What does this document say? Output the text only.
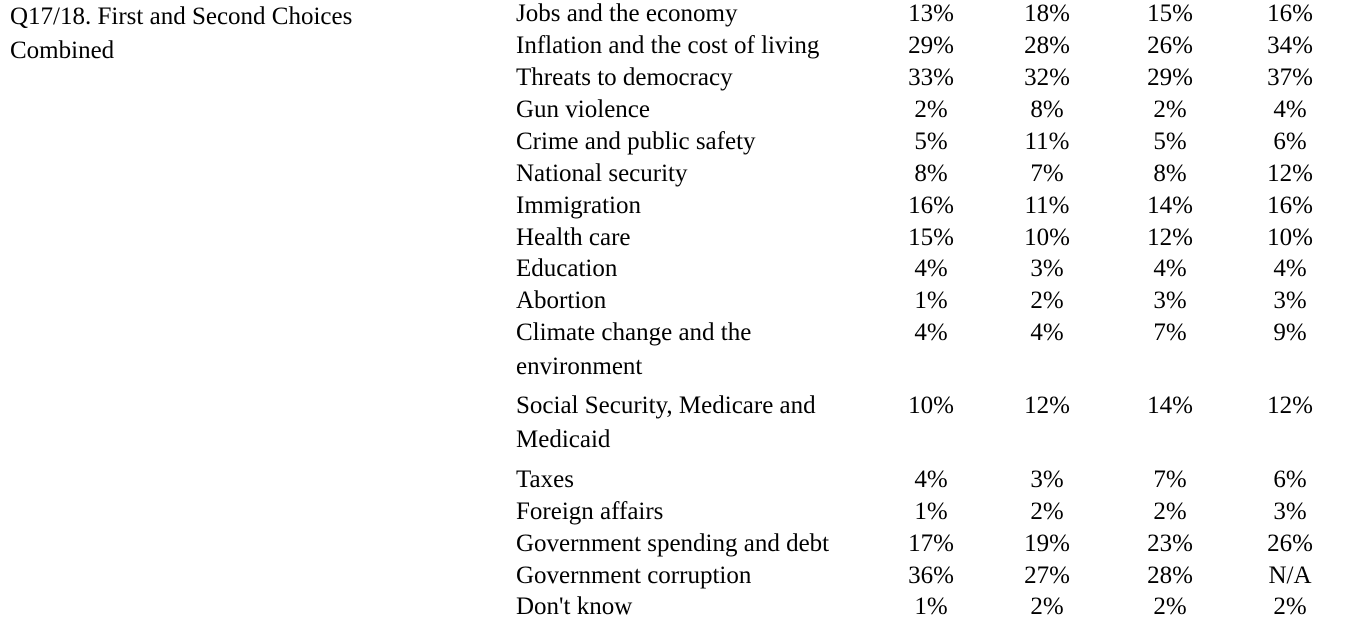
Q17/18. First and Second Choices
Combined
Jobs and the economy	13%	18%	15%	16%
Inflation and the cost of living	29%	28%	26%	34%
Threats to democracy	33%	32%	29%	37%
Gun violence	2%	8%	2%	4%
Crime and public safety	5%	11%	5%	6%
National security	8%	7%	8%	12%
Immigration	16%	11%	14%	16%
Health care	15%	10%	12%	10%
Education	4%	3%	4%	4%
Abortion	1%	2%	3%	3%
Climate change and the
environment
4%	4%	7%	9%
Social Security, Medicare and
Medicaid
10%	12%	14%	12%
Taxes	4%	3%	7%	6%
Foreign affairs	1%	2%	2%	3%
Government spending and debt	17%	19%	23%	26%
Government corruption	36%	27%	28%	N/A
Don't know	1%	2%	2%	2%
